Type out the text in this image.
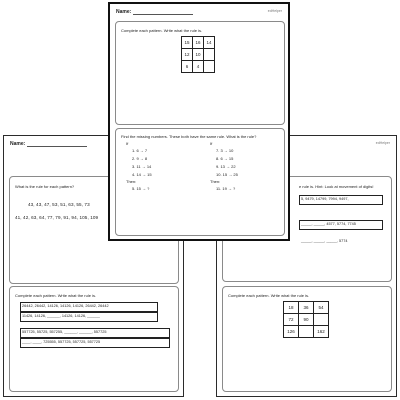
Name:
What is the rule for each pattern?
43, 43, 47, 53, 51, 63, 55, 73
41, 42, 63, 64, 77, 79, 91, 94, 105, 109
Complete each pattern. Write what the rule is.
26442, 26442, 14126, 14126, 14126, 26442, 26442
11426, 14126, ______, 14126, 14126, ______
557725, 55725, 557255, ______, ______, 557725
____, ____, 725555, 557725, 557725, 557725
edHelper
e rule is. Hint: Look at movement of digits!
5, 9479, 14799, 7994, 9497,
_____, _____, 4577, 5774, 7745
_____, _____, _____, 5774
Complete each pattern. Write what the rule is.
18	36	54
72	90	
126		162
Name:	edHelper
Complete each pattern. Write what the rule is.
15	16	14
12	10	
6	4	
Find the missing numbers. These both have the same rule. What is the rule?
If
1. 6 → 7
2. 9 → 8
3. 11 → 14
4. 14 → 15
Then:
5. 15 → ?
If
7. 3 → 10
8. 6 → 15
9. 13 → 22
10. 15 → 25
Then:
11. 19 → ?
